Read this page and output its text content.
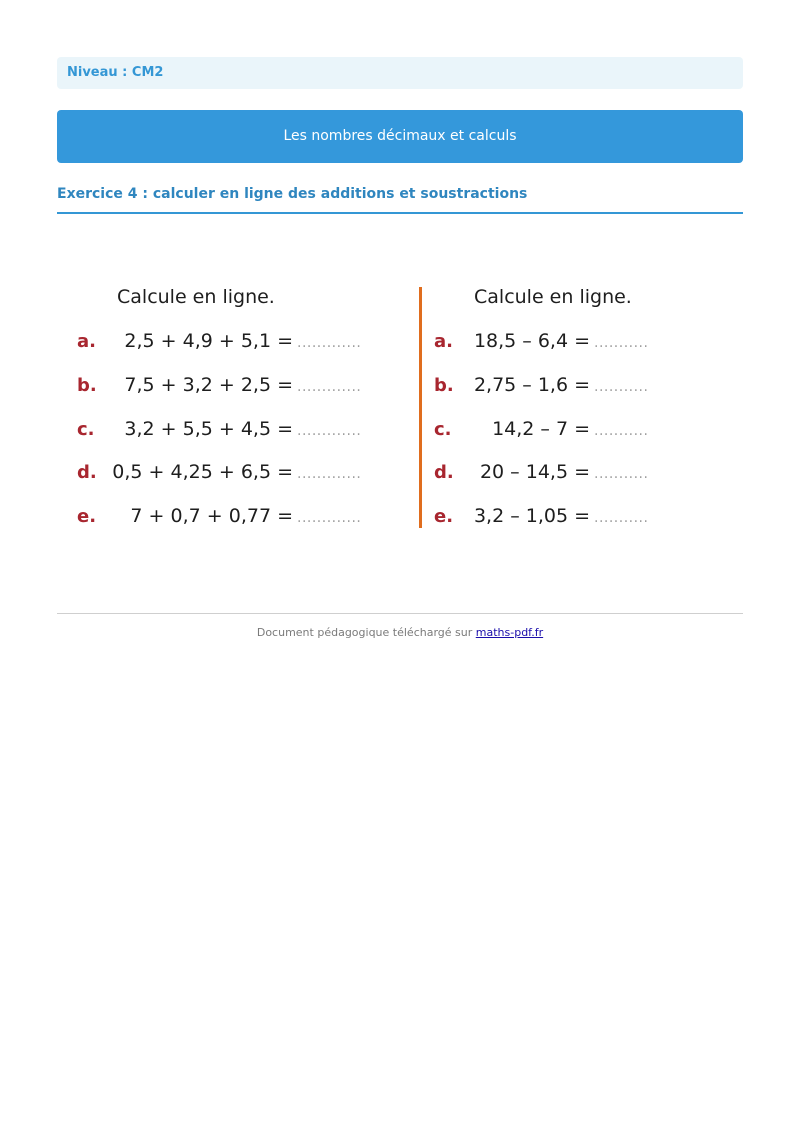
Niveau : CM2
Les nombres décimaux et calculs
Exercice 4 : calculer en ligne des additions et soustractions
Calcule en ligne.
a.	2,5 + 4,9 + 5,1 = .............
b.	7,5 + 3,2 + 2,5 = .............
c.	3,2 + 5,5 + 4,5 = .............
d. 0,5 + 4,25 + 6,5 = .............
e.	7 + 0,7 + 0,77 = .............
Calcule en ligne.
a.	18,5 – 6,4 = ...........
b.	2,75 – 1,6 = ...........
c.	14,2 – 7 = ...........
d.	20 – 14,5 = ...........
e.	3,2 – 1,05 = ...........
Document pédagogique téléchargé sur maths-pdf.fr
